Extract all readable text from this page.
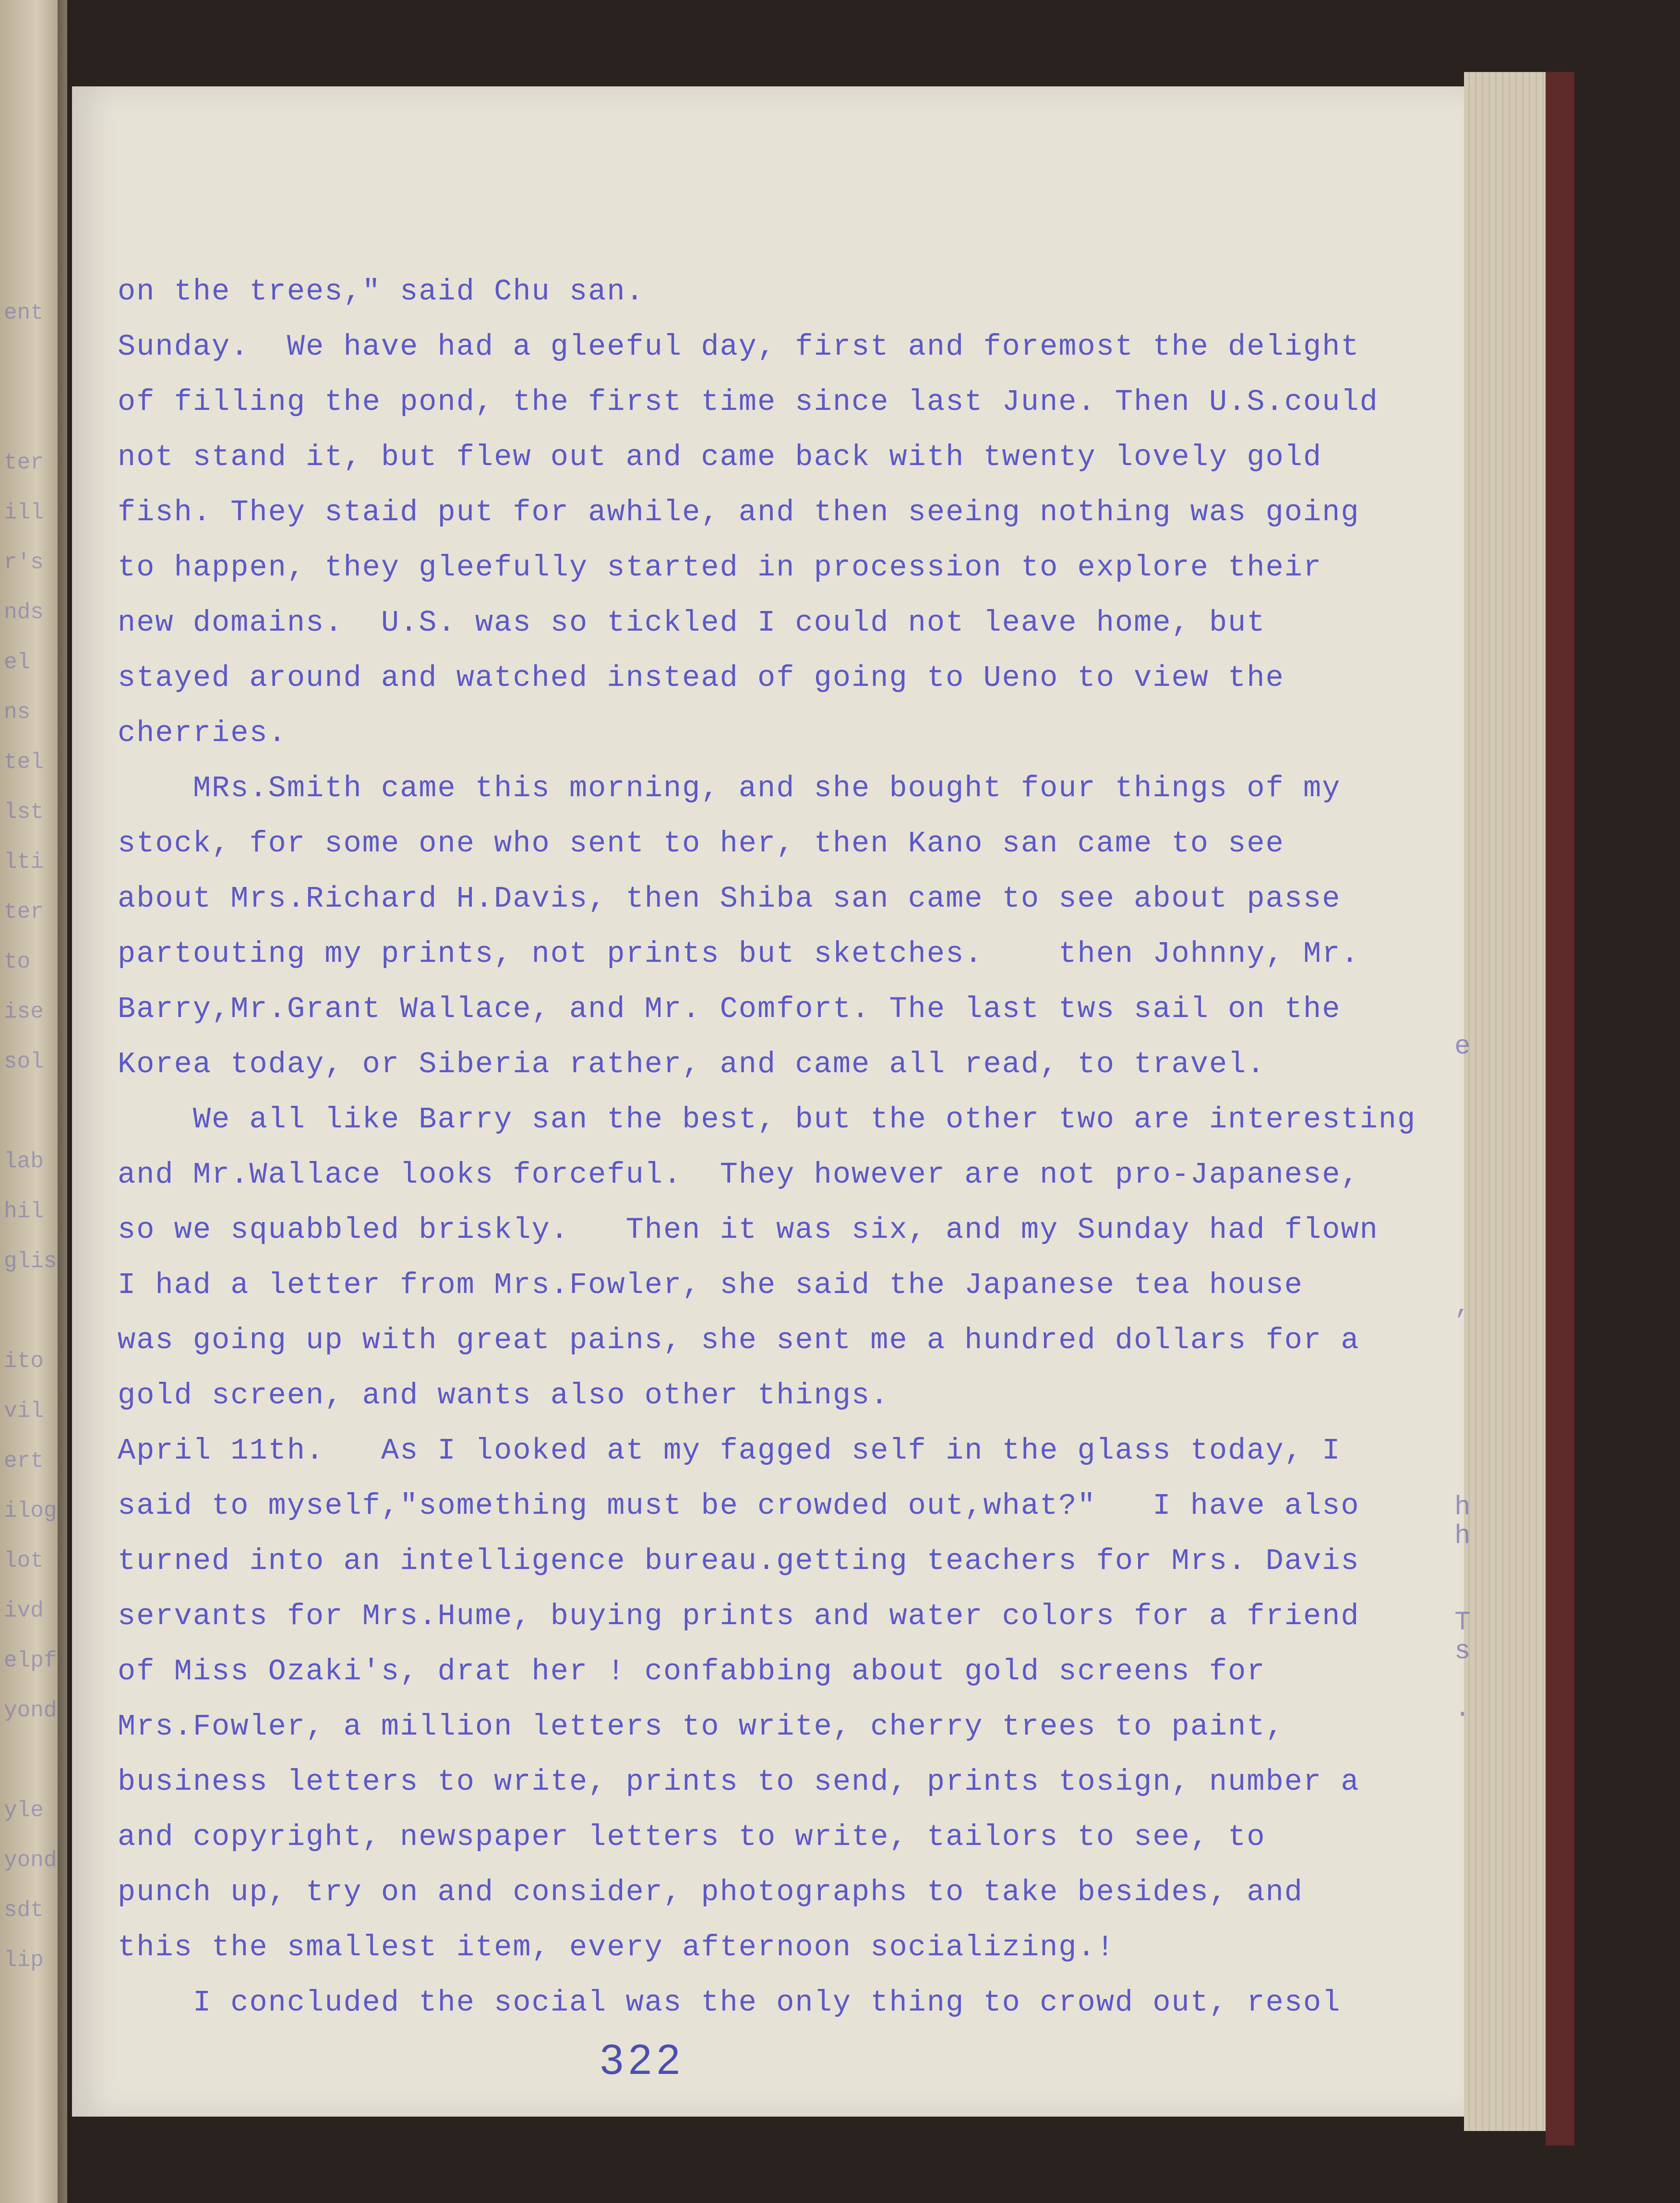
ent

ter
ill
r's
nds
el
ns
tel
lst
lti
ter
to
ise
sol

lab
hil
glis

ito
vil
ert
ilog
lot
ivd
elpf
yond

yle
yond
sdt
lip
on the trees," said Chu san.
Sunday.  We have had a gleeful day, first and foremost the delight
of filling the pond, the first time since last June. Then U.S.could
not stand it, but flew out and came back with twenty lovely gold
fish. They staid put for awhile, and then seeing nothing was going
to happen, they gleefully started in procession to explore their
new domains.  U.S. was so tickled I could not leave home, but
stayed around and watched instead of going to Ueno to view the
cherries.
MRs.Smith came this morning, and she bought four things of my
stock, for some one who sent to her, then Kano san came to see
about Mrs.Richard H.Davis, then Shiba san came to see about passe
partouting my prints, not prints but sketches.    then Johnny, Mr.
Barry,Mr.Grant Wallace, and Mr. Comfort. The last tws sail on the
Korea today, or Siberia rather, and came all read, to travel.
We all like Barry san the best, but the other two are interesting
and Mr.Wallace looks forceful.  They however are not pro-Japanese,
so we squabbled briskly.   Then it was six, and my Sunday had flown
I had a letter from Mrs.Fowler, she said the Japanese tea house
was going up with great pains, she sent me a hundred dollars for a
gold screen, and wants also other things.
April 11th.   As I looked at my fagged self in the glass today, I
said to myself,"something must be crowded out,what?"   I have also
turned into an intelligence bureau.getting teachers for Mrs. Davis
servants for Mrs.Hume, buying prints and water colors for a friend
of Miss Ozaki's, drat her ! confabbing about gold screens for
Mrs.Fowler, a million letters to write, cherry trees to paint,
business letters to write, prints to send, prints tosign, number a
and copyright, newspaper letters to write, tailors to see, to
punch up, try on and consider, photographs to take besides, and
this the smallest item, every afternoon socializing.!
I concluded the social was the only thing to crowd out, resol
e

,

h
h

T
s

.
322
